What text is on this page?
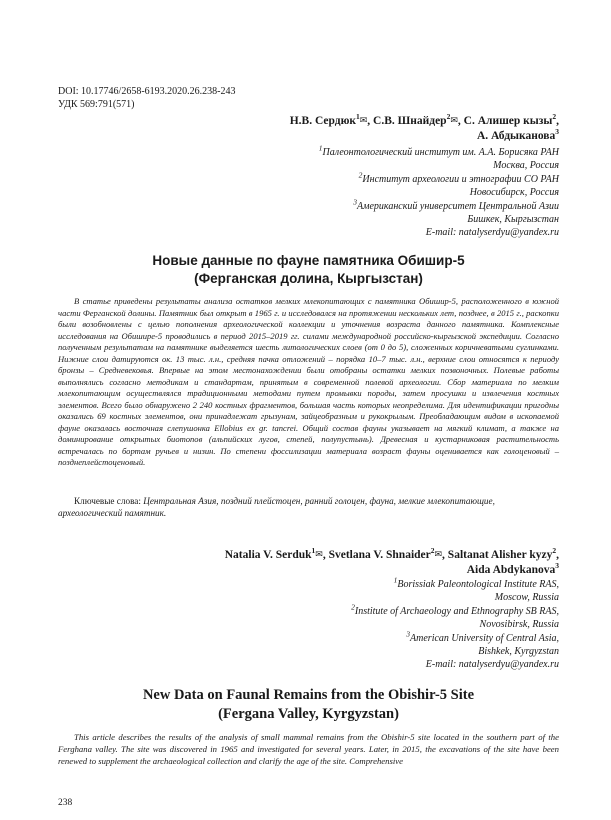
DOI: 10.17746/2658-6193.2020.26.238-243
УДК 569:791(571)
Н.В. Сердюк$^1$✉, С.В. Шнайдер$^2$✉, С. Алишер кызы$^2$,
А. Абдыканова$^3$
$^1$Палеонтологический институт им. А.А. Борисяка РАН
Москва, Россия
$^2$Институт археологии и этнографии СО РАН
Новосибирск, Россия
$^3$Американский университет Центральной Азии
Бишкек, Кыргызстан
E-mail: natalyserdyu@yandex.ru
Новые данные по фауне памятника Обишир-5
(Ферганская долина, Кыргызстан)

В статье приведены результаты анализа остатков мелких млекопитающих с памятника Обишир-5, расположенного в южной части Ферганской долины. Памятник был открыт в 1965 г. и исследовался на протяжении нескольких лет, позднее, в 2015 г., раскопки были возобновлены с целью пополнения археологической коллекции и уточнения возраста данного памятника. Комплексные исследования на Обишире-5 проводились в период 2015–2019 гг. силами международной российско-кыргызской экспедиции. Согласно полученным результатам на памятнике выделяется шесть литологических слоев (от 0 до 5), сложенных коричневатыми суглинками. Нижние слои датируются ок. 13 тыс. л.н., средняя пачка отложений – порядка 10–7 тыс. л.н., верхние слои относятся к периоду бронзы – Средневековья. Впервые на этом местонахождении были отобраны остатки мелких позвоночных. Полевые работы выполнялись согласно методикам и стандартам, принятым в современной полевой археологии. Сбор материала по мелким млекопитающим осуществлялся традиционными методами путем промывки породы, затем просушки и извлечения костных элементов. Всего было обнаружено 2 240 костных фрагментов, большая часть которых неопределима. Для идентификации пригодны оказались 69 костных элементов, они принадлежат грызунам, зайцеобразным и рукокрылым. Преобладающим видом в ископаемой фауне оказалась восточная слепушонка Ellobius ex gr. tancrei. Общий состав фауны указывает на мягкий климат, а также на доминирование открытых биотопов (альпийских лугов, степей, полупустынь). Древесная и кустарниковая растительность встречалась по бортам ручьев и низин. По степени фоссилизации материала возраст фауны оценивается как голоценовый – позднеплейстоценовый.

Ключевые слова: Центральная Азия, поздний плейстоцен, ранний голоцен, фауна, мелкие млекопитающие, археологический памятник.

Natalia V. Serduk$^1$✉, Svetlana V. Shnaider$^2$✉, Saltanat Alisher kyzy$^2$,
Aida Abdykanova$^3$
$^1$Borissiak Paleontological Institute RAS,
Moscow, Russia
$^2$Institute of Archaeology and Ethnography SB RAS,
Novosibirsk, Russia
$^3$American University of Central Asia,
Bishkek, Kyrgyzstan
E-mail: natalyserdyu@yandex.ru
New Data on Faunal Remains from the Obishir-5 Site
(Fergana Valley, Kyrgyzstan)

This article describes the results of the analysis of small mammal remains from the Obishir-5 site located in the southern part of the Ferghana valley. The site was discovered in 1965 and investigated for several years. Later, in 2015, the excavations of the site have been renewed to supplement the archaeological collection and clarify the age of the site. Comprehensive

238
